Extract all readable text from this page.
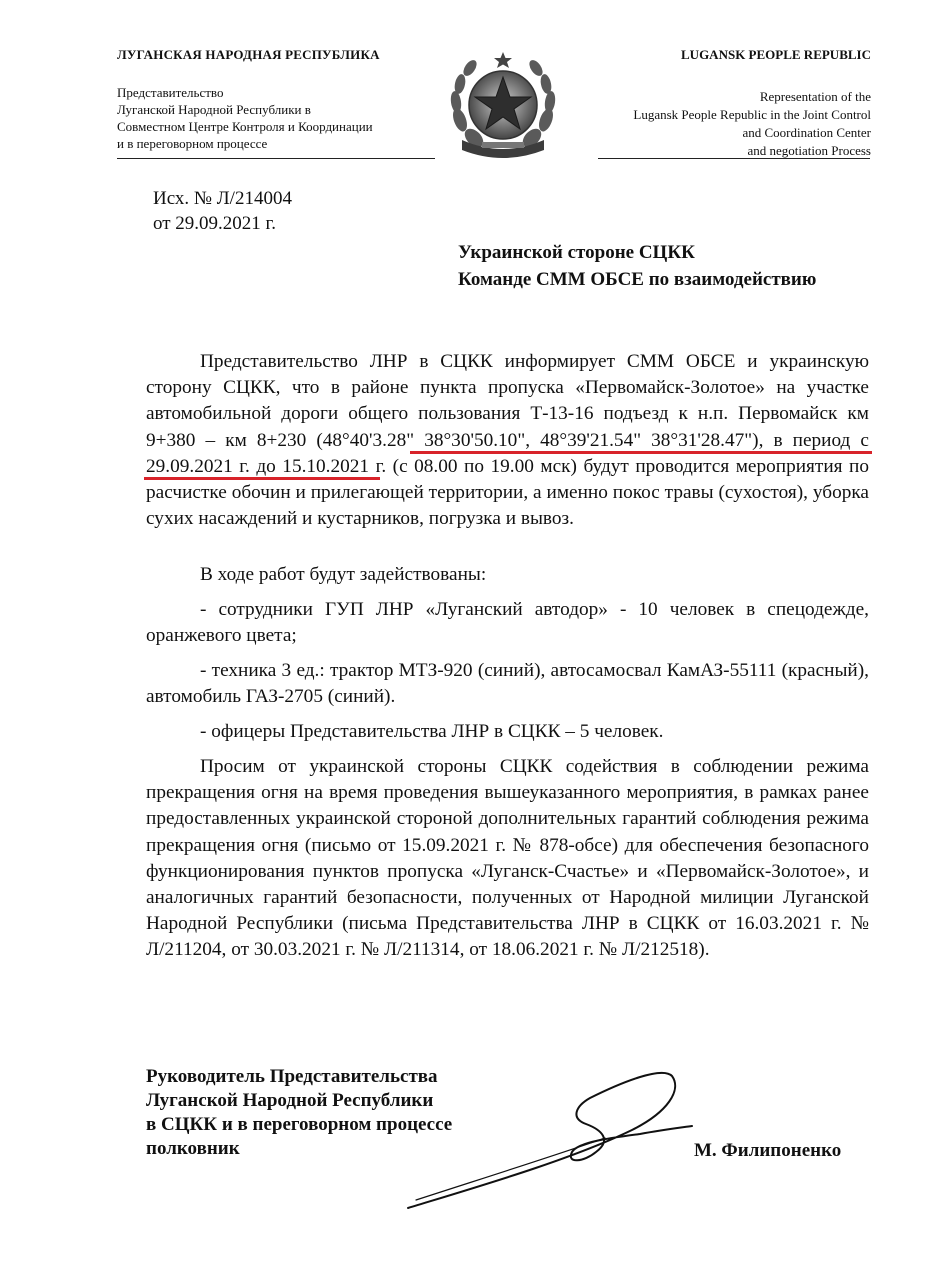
ЛУГАНСКАЯ НАРОДНАЯ РЕСПУБЛИКА	LUGANSK PEOPLE REPUBLIC
Представительство
Луганской Народной Республики в
Совместном Центре Контроля и Координации
и в переговорном процессе
Representation of the
Lugansk People Republic in the Joint Control
and Coordination Center
and negotiation Process
Исх. № Л/214004
от 29.09.2021 г.
Украинской стороне СЦКК
Команде СММ ОБСЕ по взаимодействию

Представительство ЛНР в СЦКК информирует СММ ОБСЕ и украинскую сторону СЦКК, что в районе пункта пропуска «Первомайск-Золотое» на участке автомобильной дороги общего пользования Т-13-16 подъезд к н.п. Первомайск км 9+380 – км 8+230 (48°40'3.28" 38°30'50.10", 48°39'21.54" 38°31'28.47"), в период с 29.09.2021 г. до 15.10.2021 г. (с 08.00 по 19.00 мск) будут проводится мероприятия по расчистке обочин и прилегающей территории, а именно покос травы (сухостоя), уборка сухих насаждений и кустарников, погрузка и вывоз.

В ходе работ будут задействованы:

- сотрудники ГУП ЛНР «Луганский автодор» - 10 человек в спецодежде, оранжевого цвета;

- техника 3 ед.: трактор МТЗ-920 (синий), автосамосвал КамАЗ-55111 (красный), автомобиль ГАЗ-2705 (синий).

- офицеры Представительства ЛНР в СЦКК – 5 человек.

Просим от украинской стороны СЦКК содействия в соблюдении режима прекращения огня на время проведения вышеуказанного мероприятия, в рамках ранее предоставленных украинской стороной дополнительных гарантий соблюдения режима прекращения огня (письмо от 15.09.2021 г. № 878-обсе) для обеспечения безопасного функционирования пунктов пропуска «Луганск-Счастье» и «Первомайск-Золотое», и аналогичных гарантий безопасности, полученных от Народной милиции Луганской Народной Республики (письма Представительства ЛНР в СЦКК от 16.03.2021 г. № Л/211204, от 30.03.2021 г. № Л/211314, от 18.06.2021 г. № Л/212518).

Руководитель Представительства
Луганской Народной Республики
в СЦКК и в переговорном процессе
полковник	М. Филипоненко
